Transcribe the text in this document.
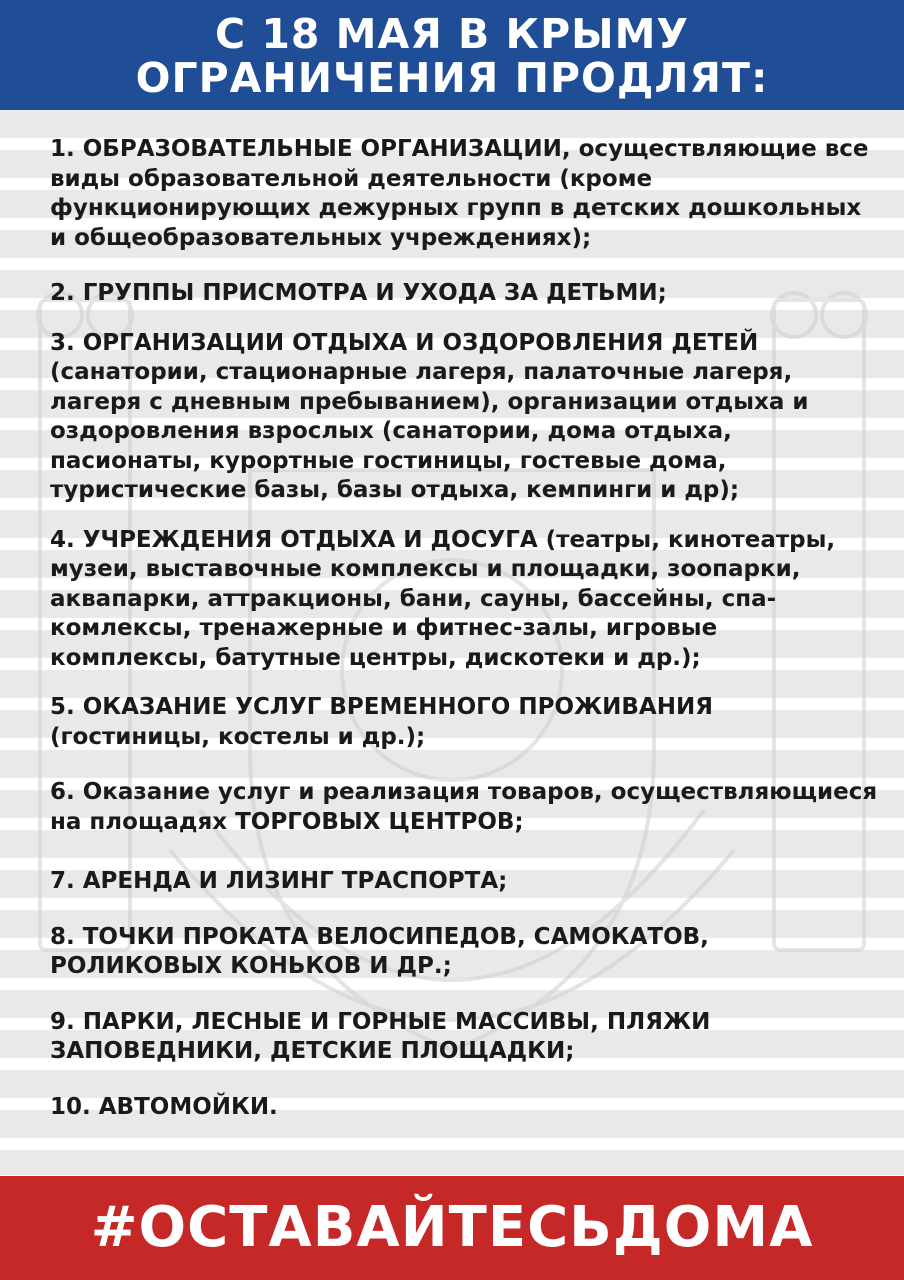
С 18 МАЯ В КРЫМУ
ОГРАНИЧЕНИЯ ПРОДЛЯТ:

1. ОБРАЗОВАТЕЛЬНЫЕ ОРГАНИЗАЦИИ, осуществляющие все виды образовательной деятельности (кроме функционирующих дежурных групп в детских дошкольных и общеобразовательных учреждениях);

2. ГРУППЫ ПРИСМОТРА И УХОДА ЗА ДЕТЬМИ;

3. ОРГАНИЗАЦИИ ОТДЫХА И ОЗДОРОВЛЕНИЯ ДЕТЕЙ (санатории, стационарные лагеря, палаточные лагеря, лагеря с дневным пребыванием), организации отдыха и оздоровления взрослых (санатории, дома отдыха, пасионаты, курортные гостиницы, гостевые дома, туристические базы, базы отдыха, кемпинги и др);

4. УЧРЕЖДЕНИЯ ОТДЫХА И ДОСУГА (театры, кинотеатры, музеи, выставочные комплексы и площадки, зоопарки, аквапарки, аттракционы, бани, сауны, бассейны, спа-комлексы, тренажерные и фитнес-залы, игровые комплексы, батутные центры, дискотеки и др.);

5. ОКАЗАНИЕ УСЛУГ ВРЕМЕННОГО ПРОЖИВАНИЯ (гостиницы, костелы и др.);

6. Оказание услуг и реализация товаров, осуществляющиеся на площадях ТОРГОВЫХ ЦЕНТРОВ;

7. АРЕНДА И ЛИЗИНГ ТРАСПОРТА;

8. ТОЧКИ ПРОКАТА ВЕЛОСИПЕДОВ, САМОКАТОВ, РОЛИКОВЫХ КОНЬКОВ И ДР.;

9. ПАРКИ, ЛЕСНЫЕ И ГОРНЫЕ МАССИВЫ, ПЛЯЖИ ЗАПОВЕДНИКИ, ДЕТСКИЕ ПЛОЩАДКИ;

10. АВТОМОЙКИ.

#ОСТАВАЙТЕСЬДОМА
